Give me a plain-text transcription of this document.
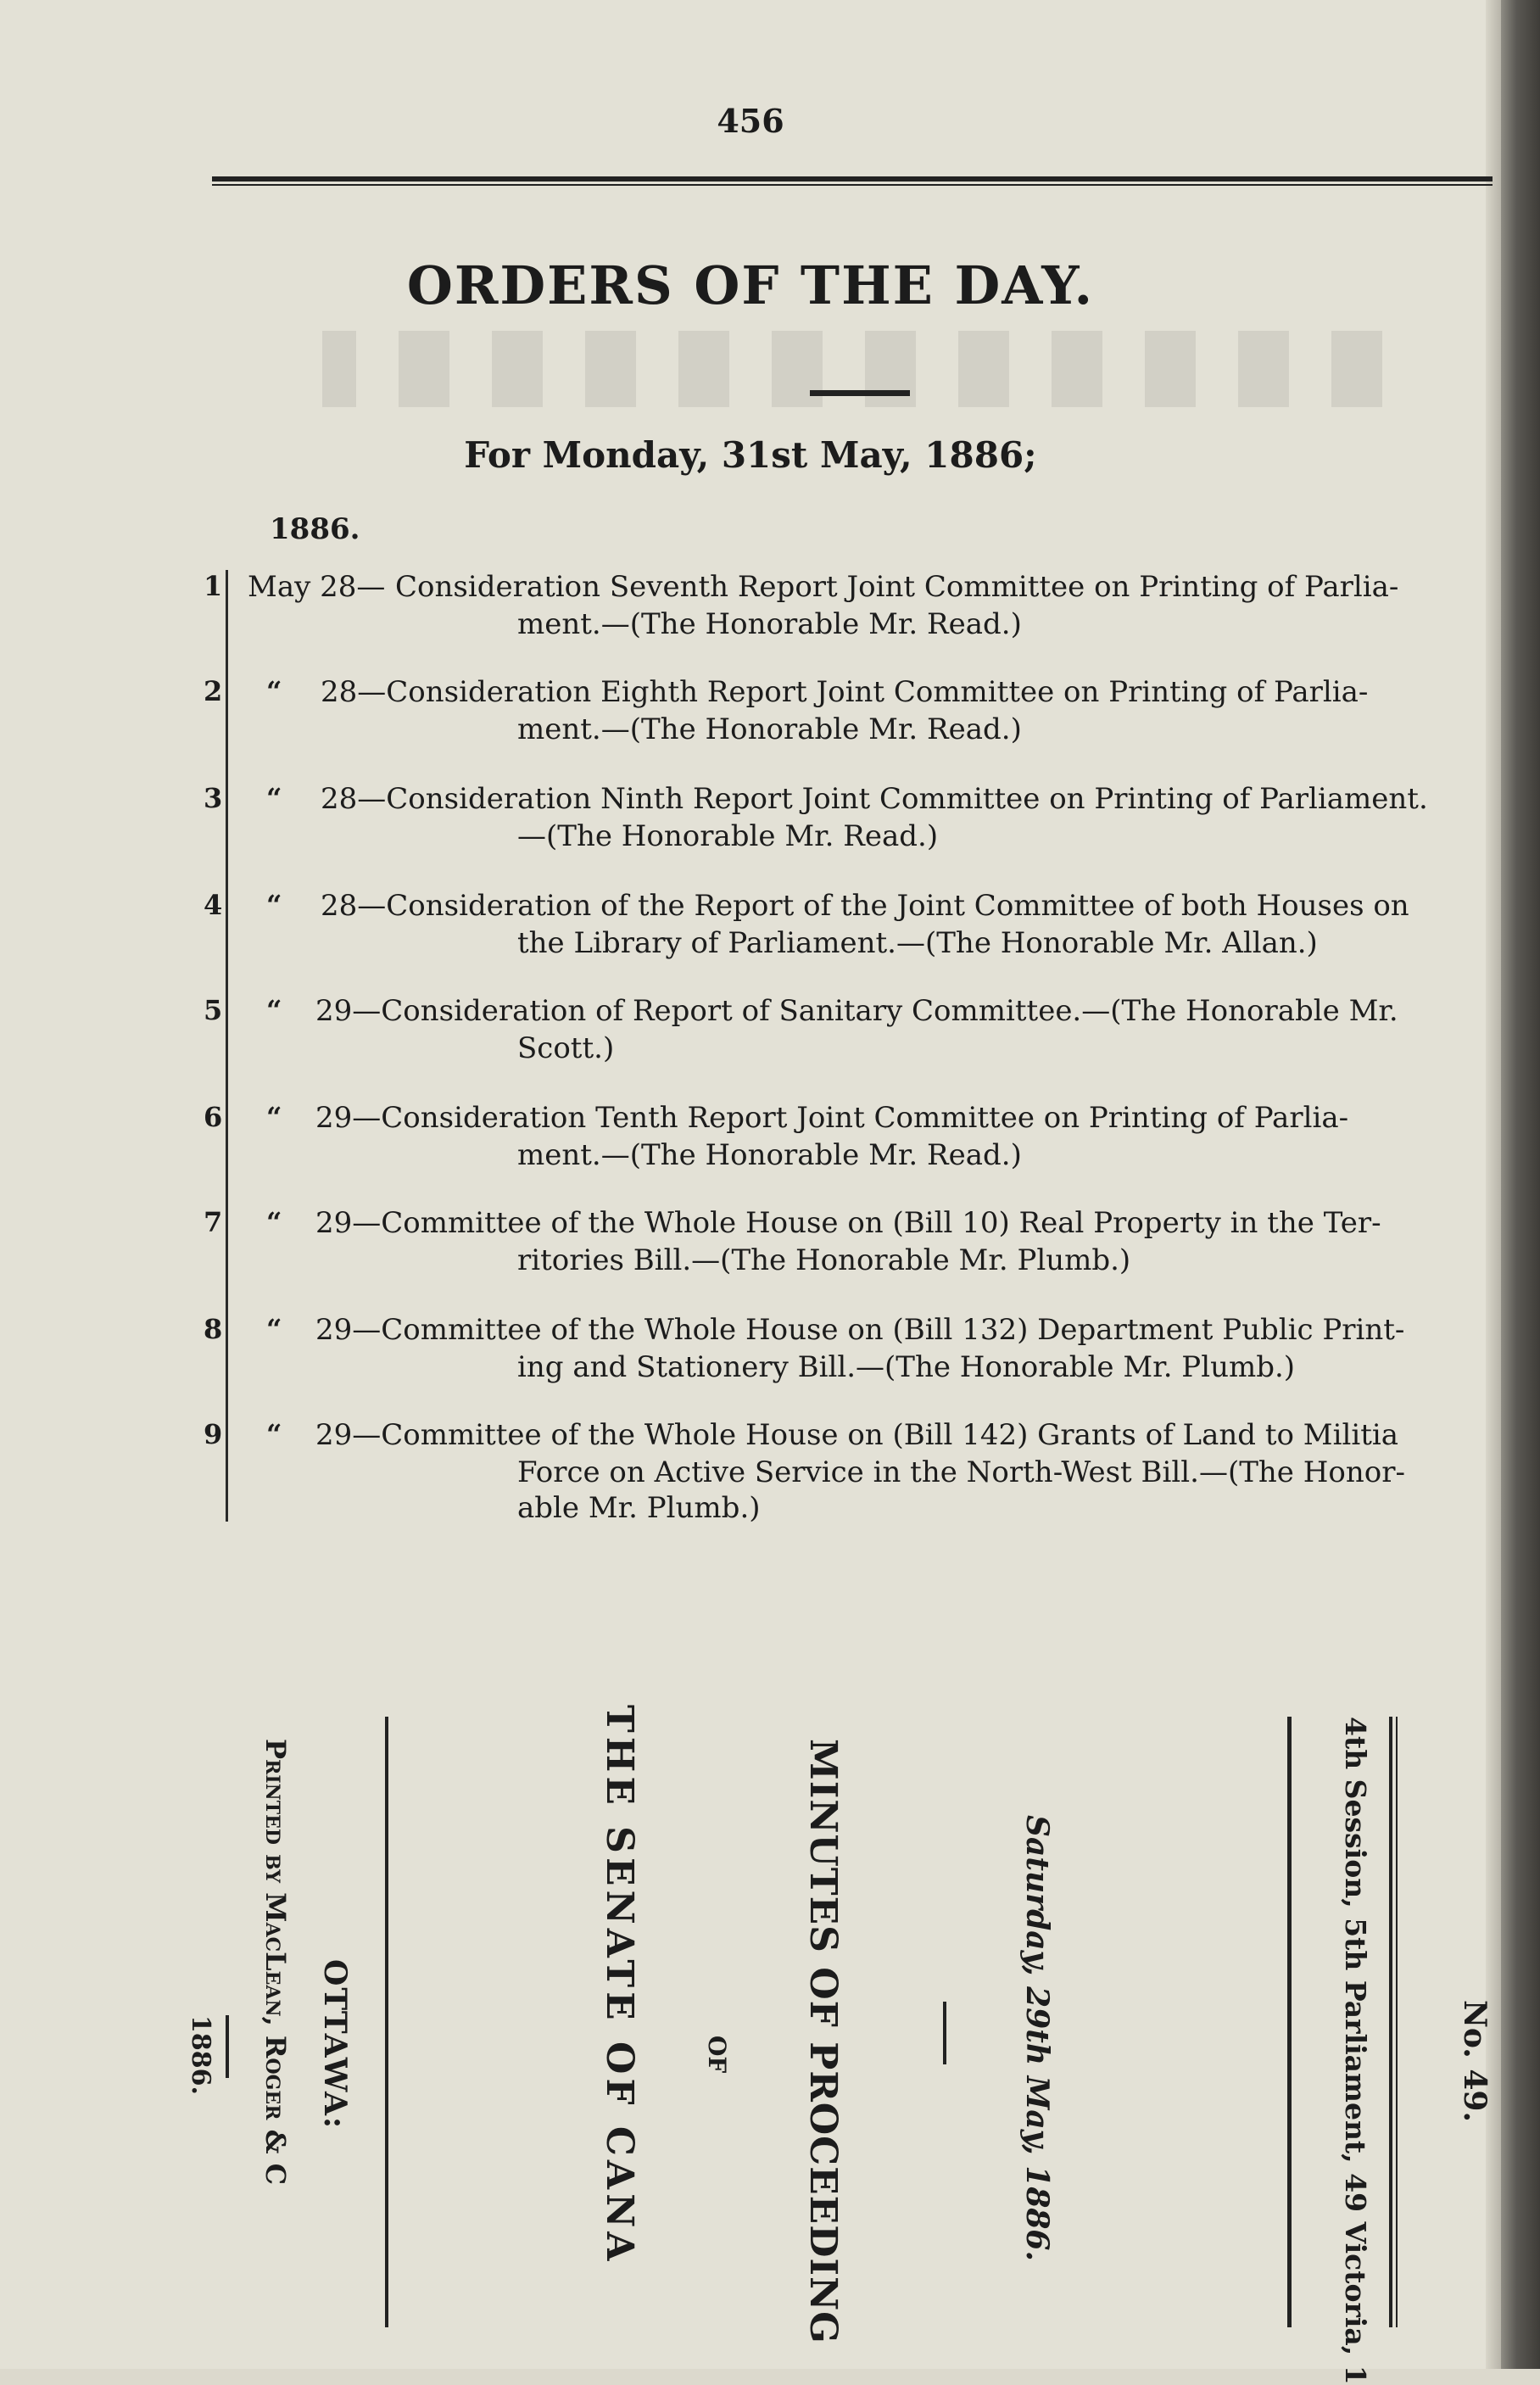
456
ORDERS OF THE DAY.
For Monday, 31st May, 1886;
1886.
1 May 28— Consideration Seventh Report Joint Committee on Printing of Parlia-
ment.—(The Honorable Mr. Read.)
2 “ 28—Consideration Eighth Report Joint Committee on Printing of Parlia-
ment.—(The Honorable Mr. Read.)
3 “ 28—Consideration Ninth Report Joint Committee on Printing of Parliament.
—(The Honorable Mr. Read.)
4 “ 28—Consideration of the Report of the Joint Committee of both Houses on
the Library of Parliament.—(The Honorable Mr. Allan.)
5 “ 29—Consideration of Report of Sanitary Committee.—(The Honorable Mr.
Scott.)
6 “ 29—Consideration Tenth Report Joint Committee on Printing of Parlia-
ment.—(The Honorable Mr. Read.)
7 “ 29—Committee of the Whole House on (Bill 10) Real Property in the Ter-
ritories Bill.—(The Honorable Mr. Plumb.)
8 “ 29—Committee of the Whole House on (Bill 132) Department Public Print-
ing and Stationery Bill.—(The Honorable Mr. Plumb.)
9 “ 29—Committee of the Whole House on (Bill 142) Grants of Land to Militia
Force on Active Service in the North-West Bill.—(The Honor-
able Mr. Plumb.)
No. 49.
4th Session, 5th Parliament, 49 Victoria, 1
Saturday, 29th May, 1886.
MINUTES OF PROCEEDING
OF
THE SENATE OF CANA
OTTAWA:
Printed by MacLean, Roger & C
1886.
